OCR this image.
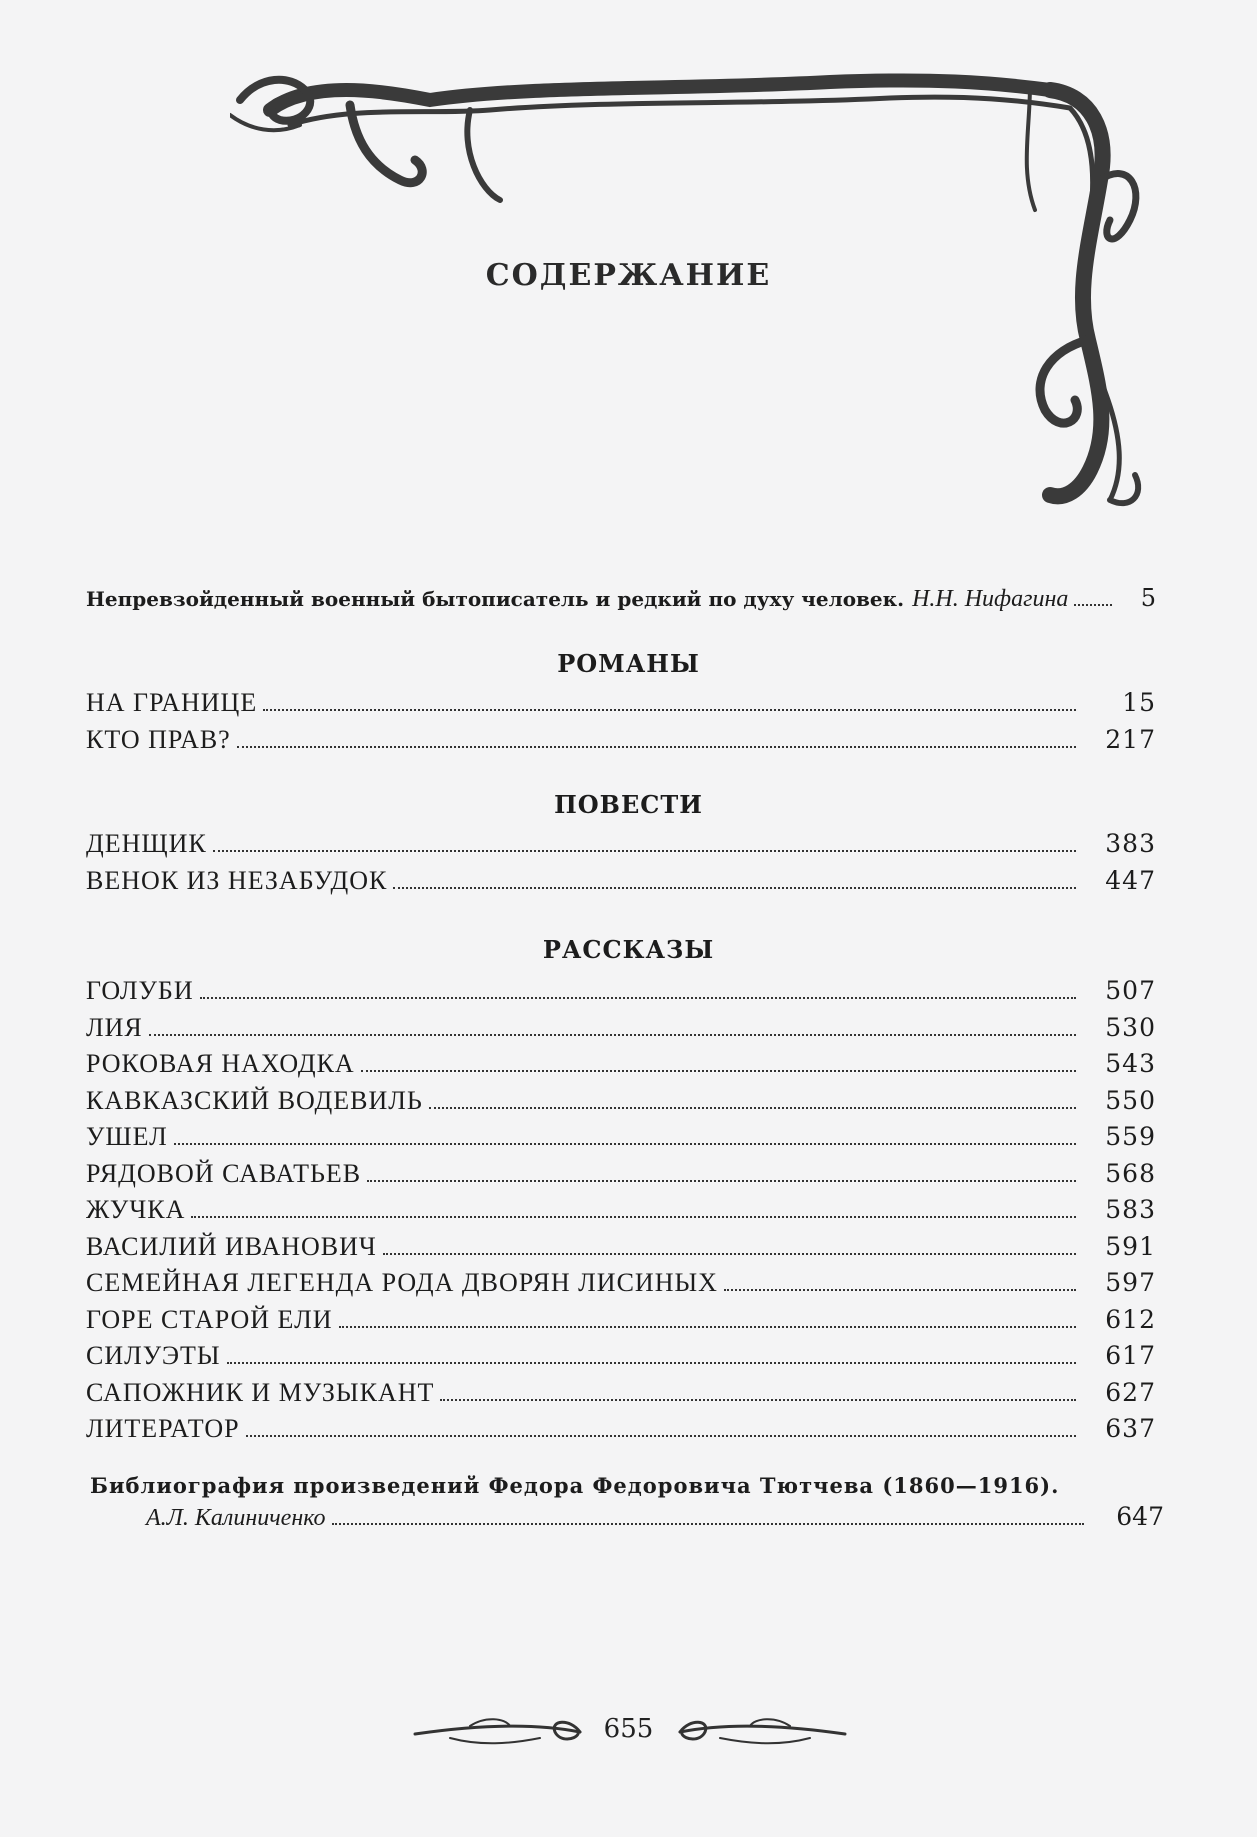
СОДЕРЖАНИЕ
Непревзойденный военный бытописатель и редкий по духу человек. Н.Н. Нифагина	5
РОМАНЫ
НА ГРАНИЦЕ	15
КТО ПРАВ?	217
ПОВЕСТИ
ДЕНЩИК	383
ВЕНОК ИЗ НЕЗАБУДОК	447
РАССКАЗЫ
ГОЛУБИ	507
ЛИЯ	530
РОКОВАЯ НАХОДКА	543
КАВКАЗСКИЙ ВОДЕВИЛЬ	550
УШЕЛ	559
РЯДОВОЙ САВАТЬЕВ	568
ЖУЧКА	583
ВАСИЛИЙ ИВАНОВИЧ	591
СЕМЕЙНАЯ ЛЕГЕНДА РОДА ДВОРЯН ЛИСИНЫХ	597
ГОРЕ СТАРОЙ ЕЛИ	612
СИЛУЭТЫ	617
САПОЖНИК И МУЗЫКАНТ	627
ЛИТЕРАТОР	637
Библиография произведений Федора Федоровича Тютчева (1860—1916).
А.Л. Калиниченко	647
655
